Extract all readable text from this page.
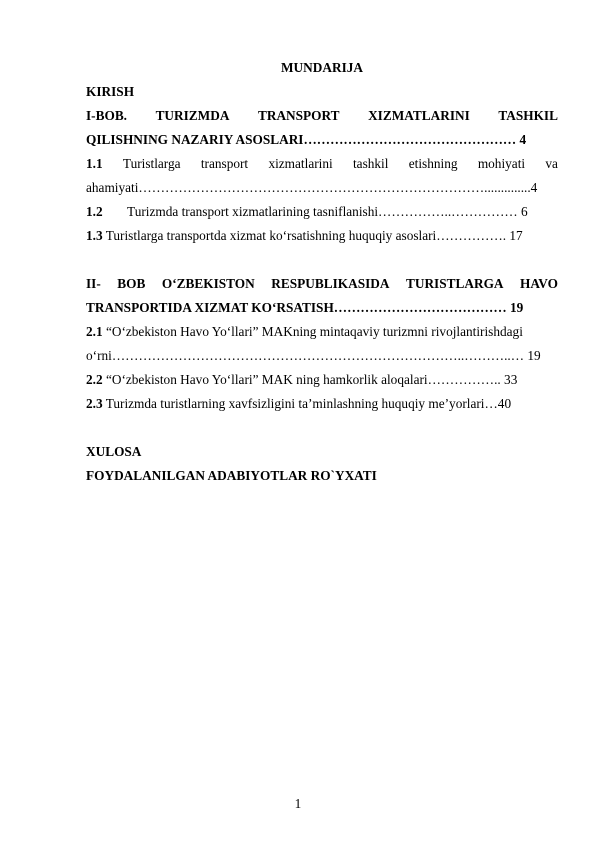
MUNDARIJA
KIRISH
I-BOB. TURIZMDA TRANSPORT XIZMATLARINI TASHKIL
QILISHNING NAZARIY ASOSLARI………………………………………… 4
1.1 Turistlarga transport xizmatlarini tashkil etishning mohiyati va
ahamiyati……………………………………………………………………..............4
1.2 Turizmda transport xizmatlarining tasniflanishi……………..…………… 6
1.3 Turistlarga transportda xizmat koʻrsatishning huquqiy asoslari……………. 17
II- BOB OʻZBEKISTON RESPUBLIKASIDA TURISTLARGA HAVO
TRANSPORTIDA XIZMAT KOʻRSATISH………………………………… 19
2.1 “Oʻzbekiston Havo Yoʻllari” MAKning mintaqaviy turizmni rivojlantirishdagi
oʻrni……………………………………………………………………..………..… 19
2.2 “Oʻzbekiston Havo Yoʻllari” MAK ning hamkorlik aloqalari…………….. 33
2.3 Turizmda turistlarning xavfsizligini ta’minlashning huquqiy me’yorlari…40
XULOSA
FOYDALANILGAN ADABIYOTLAR RO`YXATI
1
